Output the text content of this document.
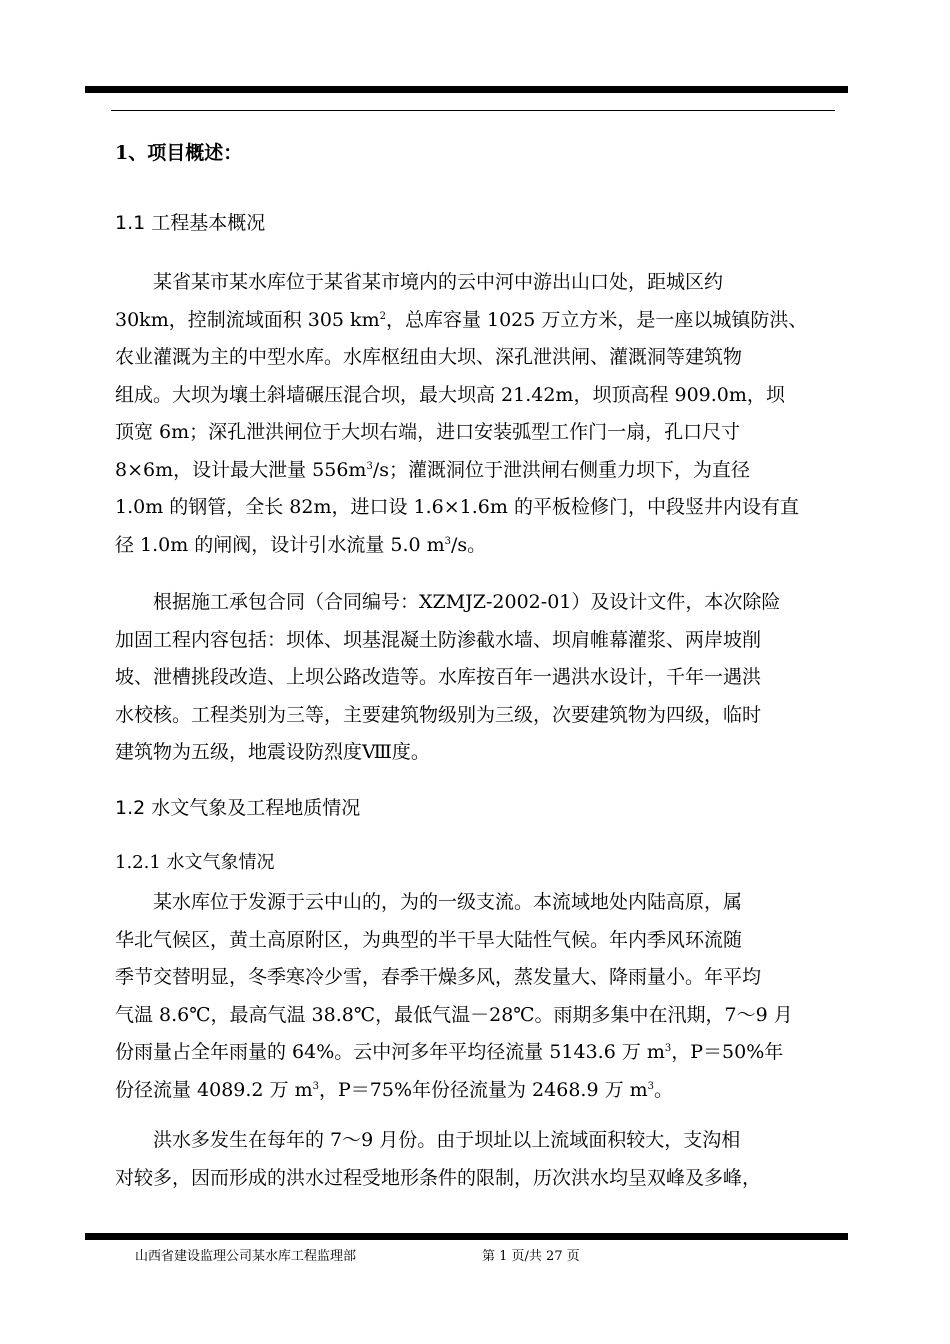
1、项目概述：
1.1 工程基本概况
某省某市某水库位于某省某市境内的云中河中游出山口处，距城区约
30km，控制流域面积 305 $km^2$，总库容量 1025 万立方米，是一座以城镇防洪、
农业灌溉为主的中型水库。水库枢纽由大坝、深孔泄洪闸、灌溉洞等建筑物
组成。大坝为壤土斜墙碾压混合坝，最大坝高 21.42m，坝顶高程 909.0m，坝
顶宽 6m；深孔泄洪闸位于大坝右端，进口安装弧型工作门一扇，孔口尺寸
8×6m，设计最大泄量 $556m^3/s$；灌溉洞位于泄洪闸右侧重力坝下，为直径
1.0m 的钢管，全长 82m，进口设 1.6×1.6m 的平板检修门，中段竖井内设有直
径 1.0m 的闸阀，设计引水流量 5.0 $m^3/s$。
根据施工承包合同（合同编号：XZMJZ-2002-01）及设计文件，本次除险
加固工程内容包括：坝体、坝基混凝土防渗截水墙、坝肩帷幕灌浆、两岸坡削
坡、泄槽挑段改造、上坝公路改造等。水库按百年一遇洪水设计，千年一遇洪
水校核。工程类别为三等，主要建筑物级别为三级，次要建筑物为四级，临时
建筑物为五级，地震设防烈度Ⅷ度。
1.2 水文气象及工程地质情况
1.2.1 水文气象情况
某水库位于发源于云中山的，为的一级支流。本流域地处内陆高原，属
华北气候区，黄土高原附区，为典型的半干旱大陆性气候。年内季风环流随
季节交替明显，冬季寒冷少雪，春季干燥多风，蒸发量大、降雨量小。年平均
气温 8.6℃，最高气温 38.8℃，最低气温－28℃。雨期多集中在汛期，7～9 月
份雨量占全年雨量的 64%。云中河多年平均径流量 5143.6 万 $m^3$，P＝50%年
份径流量 4089.2 万 $m^3$，P＝75%年份径流量为 2468.9 万 $m^3$。
洪水多发生在每年的 7～9 月份。由于坝址以上流域面积较大，支沟相
对较多，因而形成的洪水过程受地形条件的限制，历次洪水均呈双峰及多峰，
山西省建设监理公司某水库工程监理部	第 1 页/共 27 页
